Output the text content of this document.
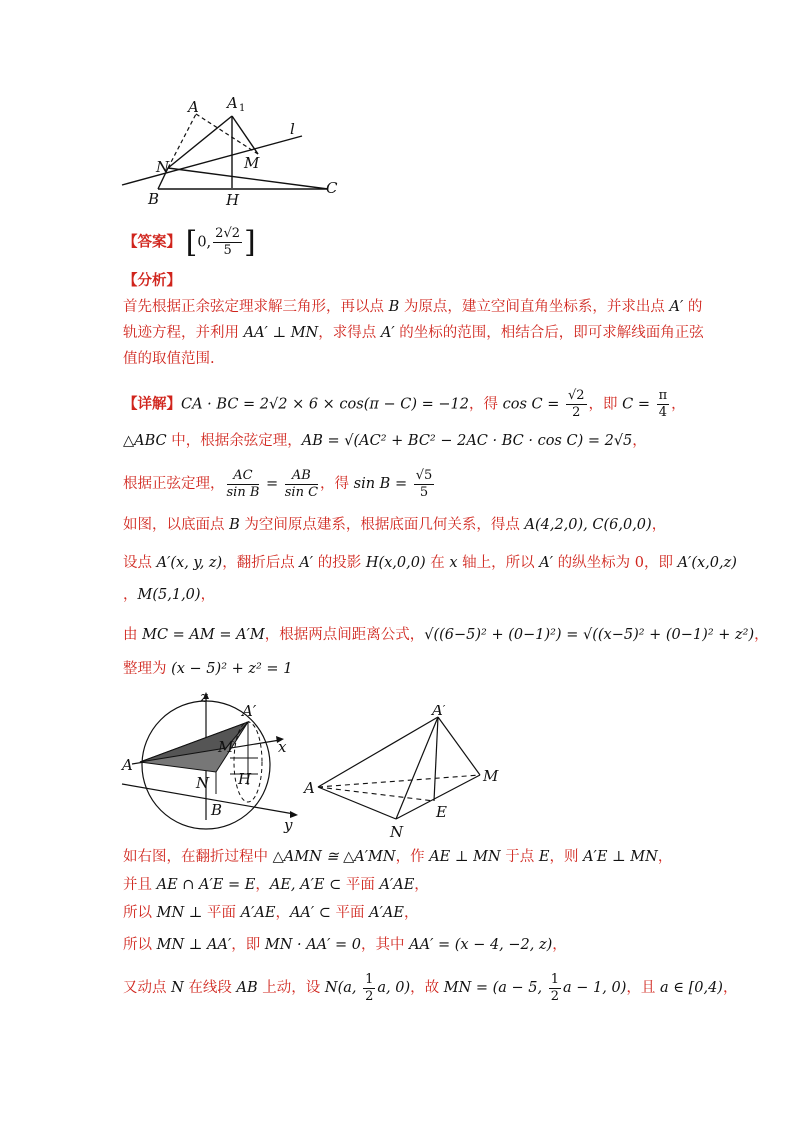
A A 1
l
N	M
B	H
C
【答案】 [0, $\frac{2√2}{5}$ ]
【分析】
首先根据正余弦定理求解三角形，再以点 B 为原点，建立空间直角坐标系，并求出点 A′ 的
轨迹方程，并利用 AA′ ⊥ MN，求得点 A′ 的坐标的范围，相结合后，即可求解线面角正弦
值的取值范围.
【详解】CA · BC = 2√2 × 6 × cos(π − C) = −12，得 $\cos C = \frac{√2}{2}$ ，即 $C = \frac{\pi}{4}$ ，
△ABC 中，根据余弦定理，AB = √(AC² + BC² − 2AC · BC · cos C) = 2√5，
根据正弦定理， $\frac{AC}{\text{sin B}} = \frac{AB}{\text{sin C}}$ ，得 $\sin B = \frac{√5}{5}$
如图，以底面点 B 为空间原点建系，根据底面几何关系，得点 A(4,2,0), C(6,0,0)，
设点 A′(x, y, z)，翻折后点 A′ 的投影 H(x,0,0) 在 x 轴上，所以 A′ 的纵坐标为 0，即 A′(x,0,z)
，M(5,1,0)，
由 MC = AM = A′M，根据两点间距离公式，√((6−5)² + (0−1)²) = √((x−5)² + (0−1)² + z²)，
整理为 (x − 5)² + z² = 1
z
A′
x
M
A
N H
B
y
A′
A
M
E
N
如右图，在翻折过程中 △AMN ≅ △A′MN，作 AE ⊥ MN 于点 E，则 A′E ⊥ MN，
并且 AE ∩ A′E = E，AE, A′E ⊂ 平面 A′AE，
所以 MN ⊥ 平面 A′AE，AA′ ⊂ 平面 A′AE，
所以 MN ⊥ AA′，即 MN · AA′ = 0，其中 AA′ = (x − 4, −2, z)，
又动点 N 在线段 AB 上动，设 N(a, $\frac{1}{2} a$, 0)，故 MN = (a − 5, $\frac{1}{2}$ a − 1, 0)，且 a ∈ [0,4)，
